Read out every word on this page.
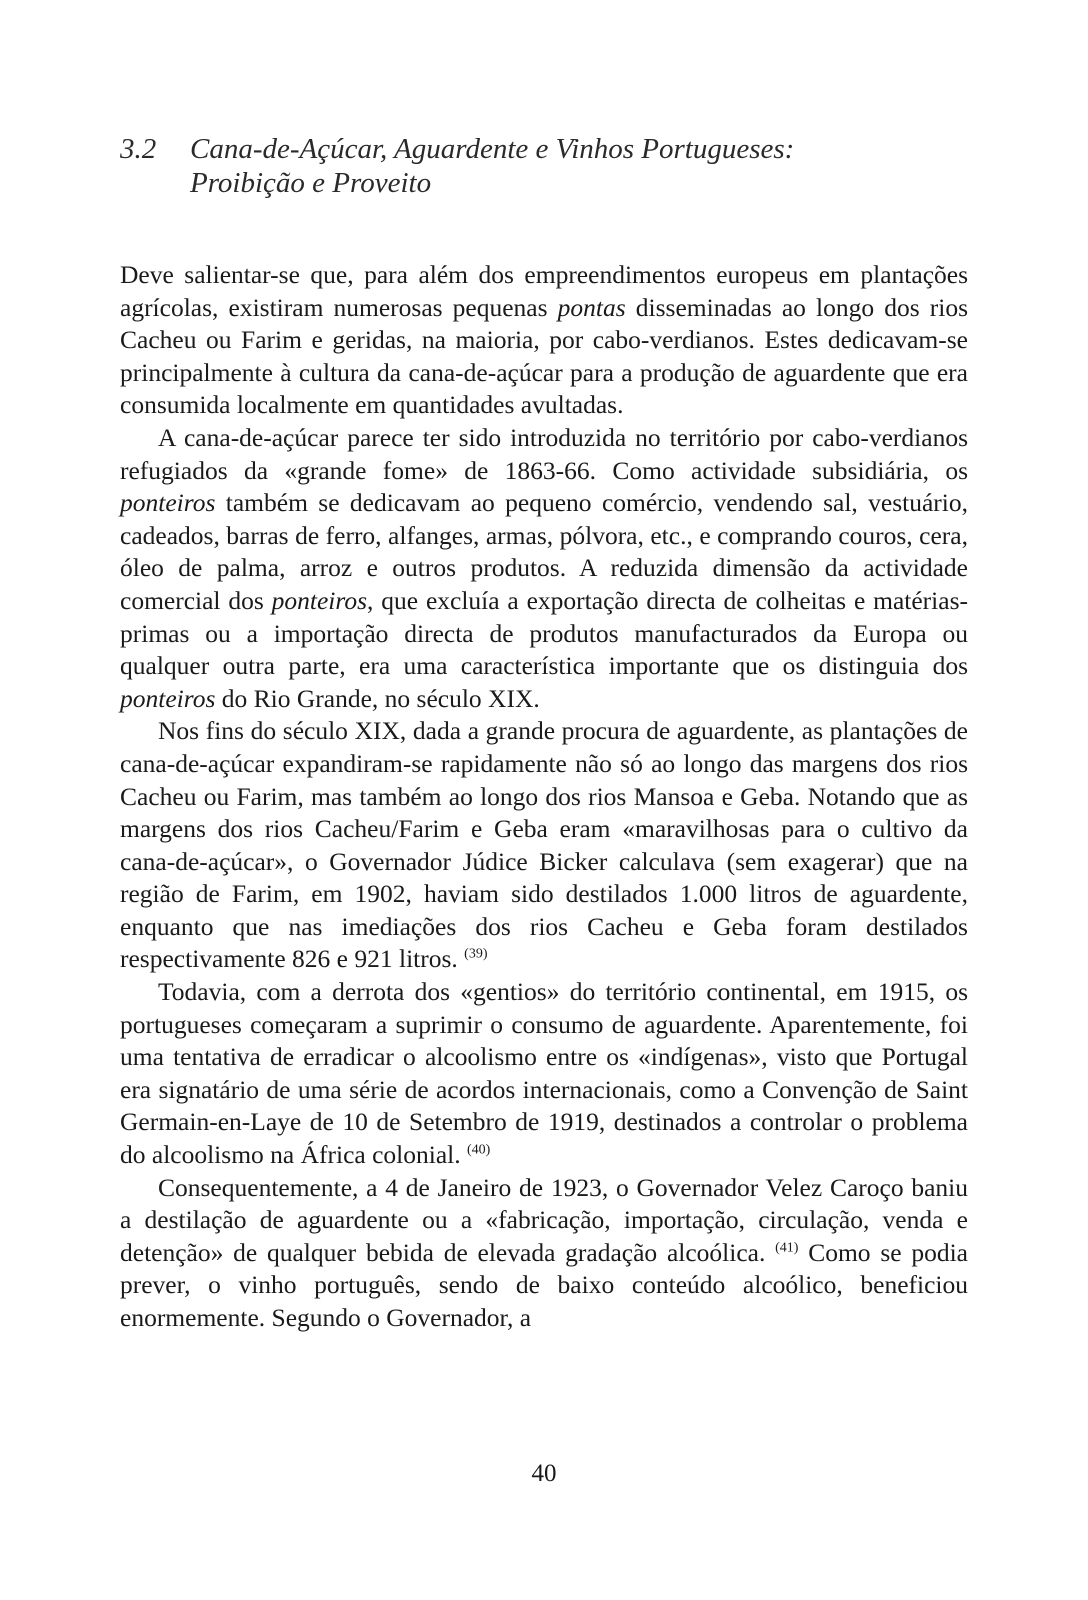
3.2	Cana-de-Açúcar, Aguardente e Vinhos Portugueses:
Proibição e Proveito

Deve salientar-se que, para além dos empreendimentos europeus em plantações agrícolas, existiram numerosas pequenas pontas disseminadas ao longo dos rios Cacheu ou Farim e geridas, na maioria, por cabo-verdianos. Estes dedicavam-se principalmente à cultura da cana-de-açúcar para a produção de aguardente que era consumida localmente em quantidades avultadas.

A cana-de-açúcar parece ter sido introduzida no território por cabo-verdianos refugiados da «grande fome» de 1863-66. Como actividade subsidiária, os ponteiros também se dedicavam ao pequeno comércio, vendendo sal, vestuário, cadeados, barras de ferro, alfanges, armas, pólvora, etc., e comprando couros, cera, óleo de palma, arroz e outros produtos. A reduzida dimensão da actividade comercial dos ponteiros, que excluía a exportação directa de colheitas e matérias-primas ou a importação directa de produtos manufacturados da Europa ou qualquer outra parte, era uma característica importante que os distinguia dos ponteiros do Rio Grande, no século XIX.

Nos fins do século XIX, dada a grande procura de aguardente, as plantações de cana-de-açúcar expandiram-se rapidamente não só ao longo das margens dos rios Cacheu ou Farim, mas também ao longo dos rios Mansoa e Geba. Notando que as margens dos rios Cacheu/Farim e Geba eram «maravilhosas para o cultivo da cana-de-açúcar», o Governador Júdice Bicker calculava (sem exagerar) que na região de Farim, em 1902, haviam sido destilados 1.000 litros de aguardente, enquanto que nas imediações dos rios Cacheu e Geba foram destilados respectivamente 826 e 921 litros. $^{(39)}$

Todavia, com a derrota dos «gentios» do território continental, em 1915, os portugueses começaram a suprimir o consumo de aguardente. Aparentemente, foi uma tentativa de erradicar o alcoolismo entre os «indígenas», visto que Portugal era signatário de uma série de acordos internacionais, como a Convenção de Saint Germain-en-Laye de 10 de Setembro de 1919, destinados a controlar o problema do alcoolismo na África colonial. $^{(40)}$

Consequentemente, a 4 de Janeiro de 1923, o Governador Velez Caroço baniu a destilação de aguardente ou a «fabricação, importação, circulação, venda e detenção» de qualquer bebida de elevada gradação alcoólica. $^{(41)}$ Como se podia prever, o vinho português, sendo de baixo conteúdo alcoólico, beneficiou enormemente. Segundo o Governador, a

40
